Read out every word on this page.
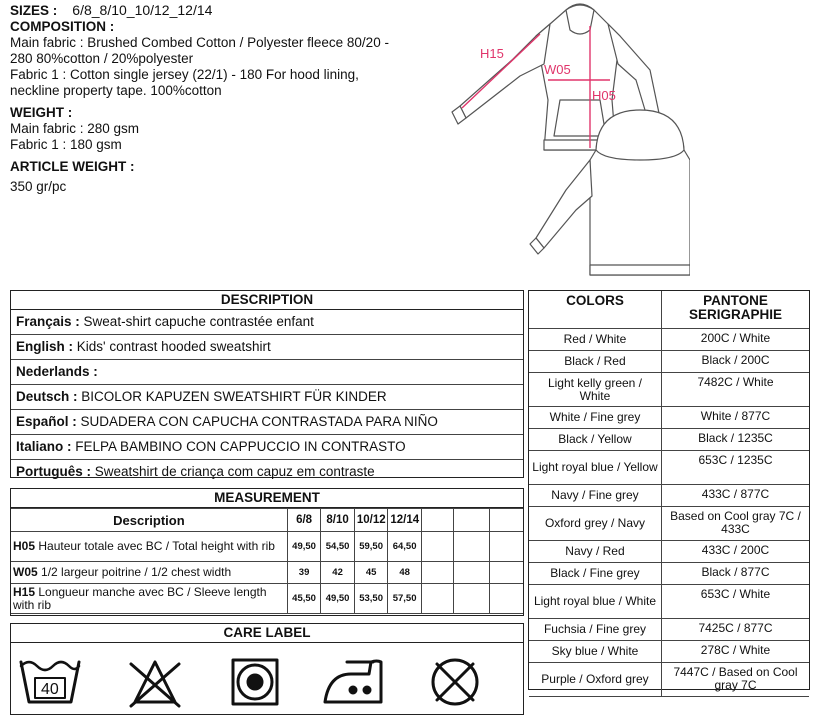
SIZES : 6/8_8/10_10/12_12/14
COMPOSITION :
Main fabric : Brushed Combed Cotton / Polyester fleece 80/20 -
280 80%cotton / 20%polyester
Fabric 1 : Cotton single jersey (22/1) - 180 For hood lining,
neckline property tape. 100%cotton
WEIGHT :
Main fabric : 280 gsm
Fabric 1 : 180 gsm
ARTICLE WEIGHT :
350 gr/pc
H15
W05
H05
DESCRIPTION
Français : Sweat-shirt capuche contrastée enfant
English : Kids' contrast hooded sweatshirt
Nederlands :
Deutsch : BICOLOR KAPUZEN SWEATSHIRT FÜR KINDER
Español : SUDADERA CON CAPUCHA CONTRASTADA PARA NIÑO
Italiano : FELPA BAMBINO CON CAPPUCCIO IN CONTRASTO
Português : Sweatshirt de criança com capuz em contraste
MEASUREMENT
Description	6/8	8/10	10/12	12/14			
H05 Hauteur totale avec BC / Total height with rib	49,50	54,50	59,50	64,50			
W05 1/2 largeur poitrine / 1/2 chest width	39	42	45	48			
H15 Longueur manche avec BC / Sleeve length with rib	45,50	49,50	53,50	57,50			
CARE LABEL
40
COLORS	PANTONE SERIGRAPHIE
Red / White	200C / White
Black / Red	Black / 200C
Light kelly green / White	7482C / White
White / Fine grey	White / 877C
Black / Yellow	Black / 1235C
Light royal blue / Yellow	653C / 1235C
Navy / Fine grey	433C / 877C
Oxford grey / Navy	Based on Cool gray 7C / 433C
Navy / Red	433C / 200C
Black / Fine grey	Black / 877C
Light royal blue / White	653C / White
Fuchsia / Fine grey	7425C / 877C
Sky blue / White	278C / White
Purple / Oxford grey	7447C / Based on Cool gray 7C
